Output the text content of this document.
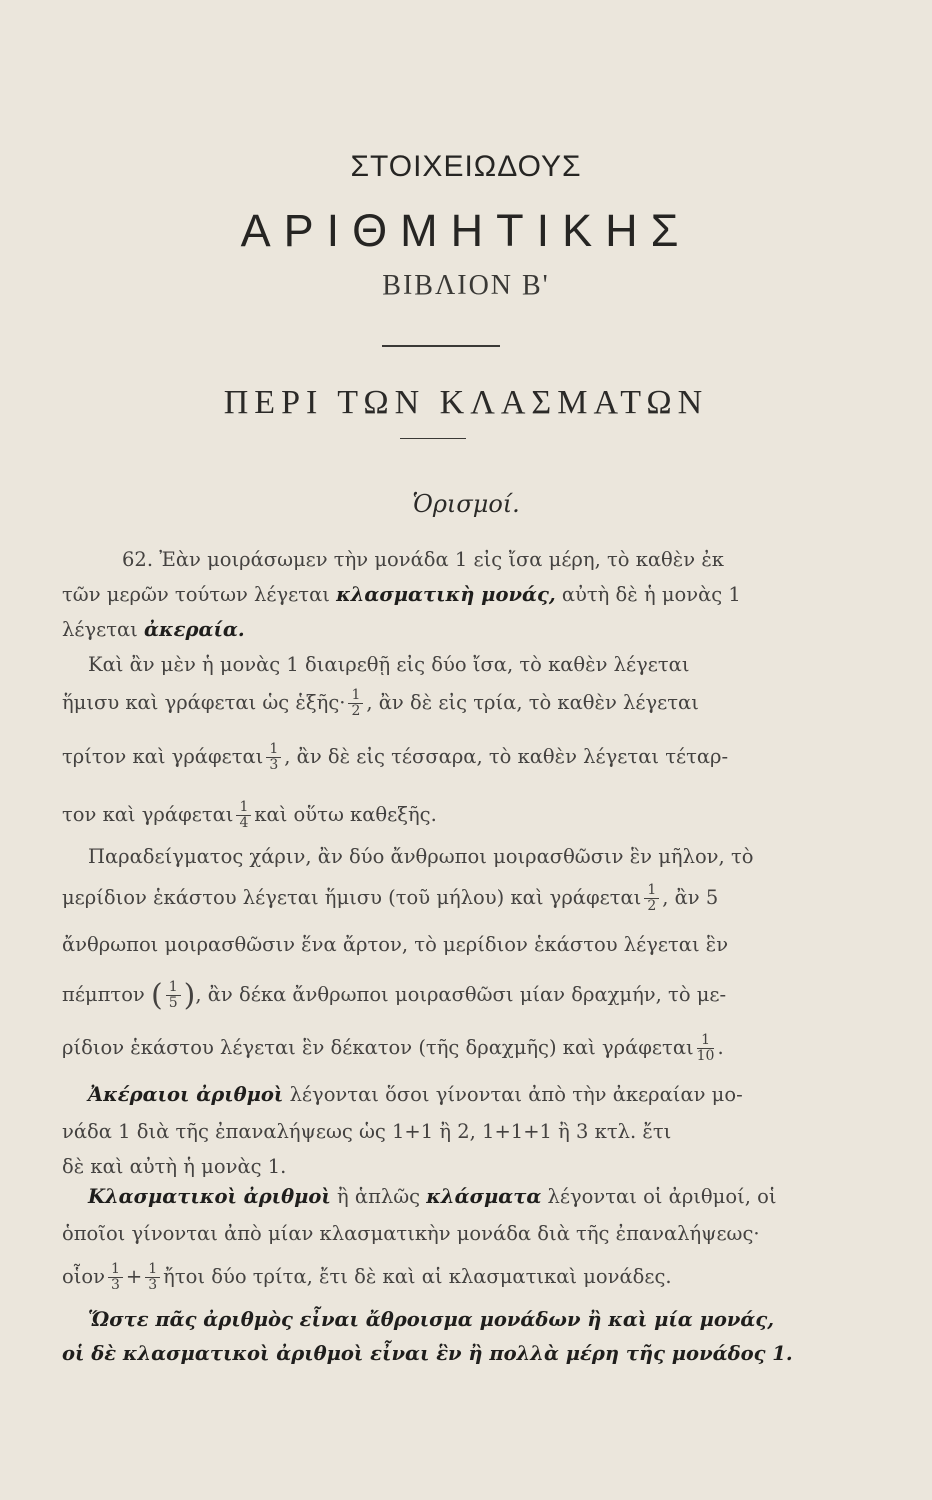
ΣΤΟΙΧΕΙΩΔΟΥΣ
ΑΡΙΘΜΗΤΙΚΗΣ
ΒΙΒΛΙΟΝ Β'
ΠΕΡΙ ΤΩΝ ΚΛΑΣΜΑΤΩΝ
Ὁρισμοί.
62. Ἐὰν μοιράσωμεν τὴν μονάδα 1 εἰς ἴσα μέρη, τὸ καθὲν ἐκ
τῶν μερῶν τούτων λέγεται κλασματικὴ μονάς, αὐτὴ δὲ ἡ μονὰς 1
λέγεται ἀκεραία.
Καὶ ἂν μὲν ἡ μονὰς 1 διαιρεθῇ εἰς δύο ἴσα, τὸ καθὲν λέγεται
ἥμισυ καὶ γράφεται ὡς ἑξῆς· $\frac{1}{2}$ , ἂν δὲ εἰς τρία, τὸ καθὲν λέγεται
τρίτον καὶ γράφεται $\frac{1}{3}$ , ἂν δὲ εἰς τέσσαρα, τὸ καθὲν λέγεται τέταρ-
τον καὶ γράφεται $\frac{1}{4}$ καὶ οὕτω καθεξῆς.
Παραδείγματος χάριν, ἂν δύο ἄνθρωποι μοιρασθῶσιν ἓν μῆλον, τὸ
μερίδιον ἑκάστου λέγεται ἥμισυ (τοῦ μήλου) καὶ γράφεται $\frac{1}{2}$ , ἂν 5
ἄνθρωποι μοιρασθῶσιν ἕνα ἄρτον, τὸ μερίδιον ἑκάστου λέγεται ἓν
πέμπτον ( $\frac{1}{5}$ ), ἂν δέκα ἄνθρωποι μοιρασθῶσι μίαν δραχμήν, τὸ με-
ρίδιον ἑκάστου λέγεται ἓν δέκατον (τῆς δραχμῆς) καὶ γράφεται $\frac{1}{10}$ .
Ἀκέραιοι ἀριθμοὶ λέγονται ὅσοι γίνονται ἀπὸ τὴν ἀκεραίαν μο-
νάδα 1 διὰ τῆς ἐπαναλήψεως ὡς 1+1 ἢ 2, 1+1+1 ἢ 3 κτλ. ἔτι
δὲ καὶ αὐτὴ ἡ μονὰς 1.
Κλασματικοὶ ἀριθμοὶ ἢ ἁπλῶς κλάσματα λέγονται οἱ ἀριθμοί, οἱ
ὁποῖοι γίνονται ἀπὸ μίαν κλασματικὴν μονάδα διὰ τῆς ἐπαναλήψεως·
οἷον $\frac{1}{3} + \frac{1}{3}$ ἤτοι δύο τρίτα, ἔτι δὲ καὶ αἱ κλασματικαὶ μονάδες.
Ὥστε πᾶς ἀριθμὸς εἶναι ἄθροισμα μονάδων ἢ καὶ μία μονάς,
οἱ δὲ κλασματικοὶ ἀριθμοὶ εἶναι ἓν ἢ πολλὰ μέρη τῆς μονάδος 1.
